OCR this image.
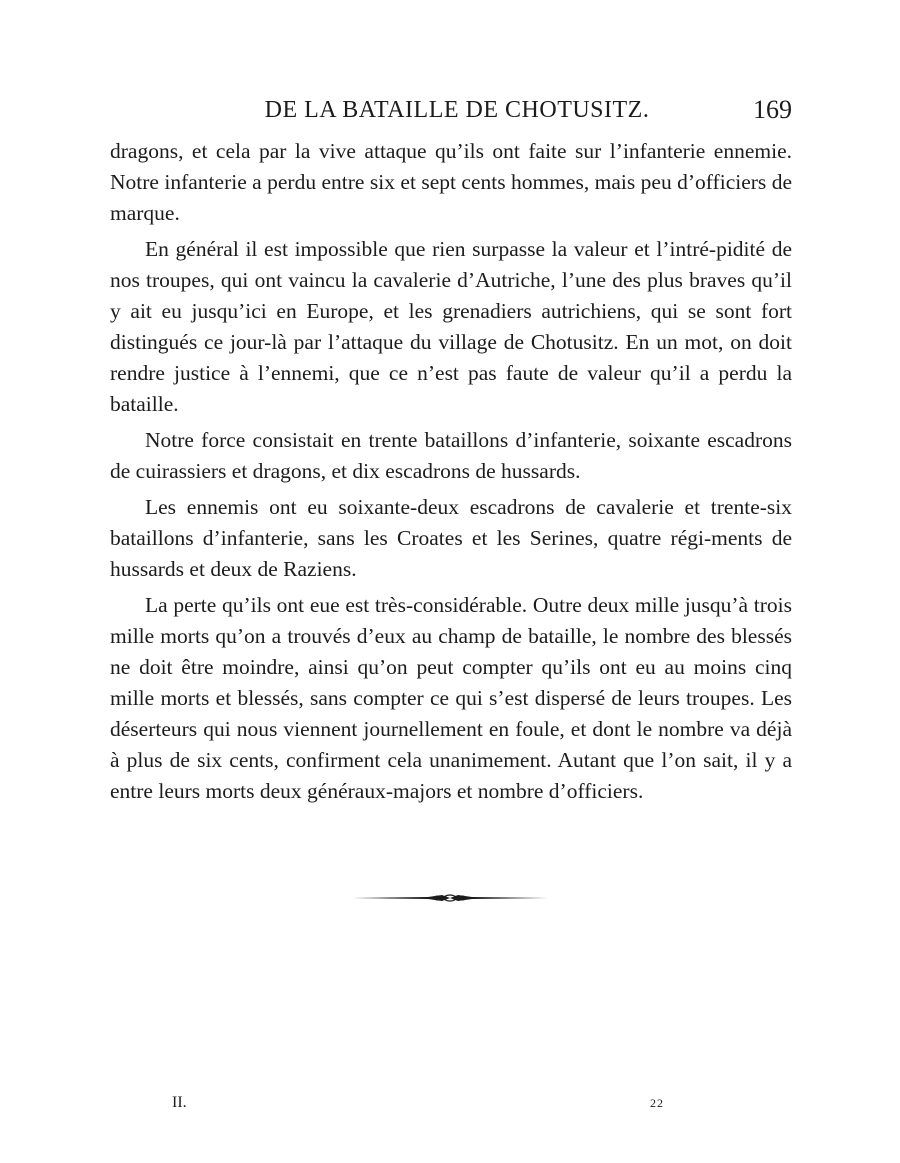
DE LA BATAILLE DE CHOTUSITZ.	169

dragons, et cela par la vive attaque qu’ils ont faite sur l’infanterie ennemie. Notre infanterie a perdu entre six et sept cents hommes, mais peu d’officiers de marque.

En général il est impossible que rien surpasse la valeur et l’intré-pidité de nos troupes, qui ont vaincu la cavalerie d’Autriche, l’une des plus braves qu’il y ait eu jusqu’ici en Europe, et les grenadiers autrichiens, qui se sont fort distingués ce jour-là par l’attaque du village de Chotusitz. En un mot, on doit rendre justice à l’ennemi, que ce n’est pas faute de valeur qu’il a perdu la bataille.

Notre force consistait en trente bataillons d’infanterie, soixante escadrons de cuirassiers et dragons, et dix escadrons de hussards.

Les ennemis ont eu soixante-deux escadrons de cavalerie et trente-six bataillons d’infanterie, sans les Croates et les Serines, quatre régi-ments de hussards et deux de Raziens.

La perte qu’ils ont eue est très-considérable. Outre deux mille jusqu’à trois mille morts qu’on a trouvés d’eux au champ de bataille, le nombre des blessés ne doit être moindre, ainsi qu’on peut compter qu’ils ont eu au moins cinq mille morts et blessés, sans compter ce qui s’est dispersé de leurs troupes. Les déserteurs qui nous viennent journellement en foule, et dont le nombre va déjà à plus de six cents, confirment cela unanimement. Autant que l’on sait, il y a entre leurs morts deux généraux-majors et nombre d’officiers.

II.	22
